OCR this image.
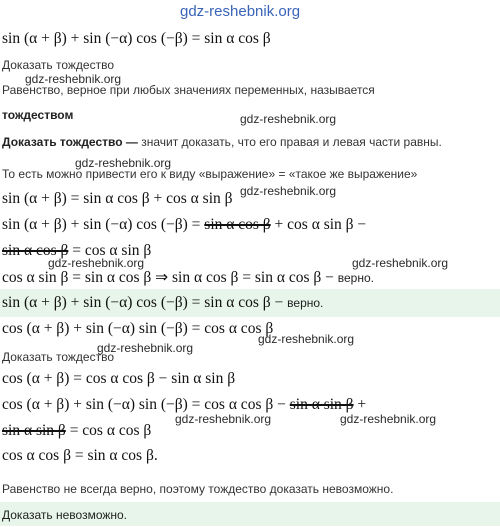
gdz-reshebnik.org
sin (α + β) + sin (−α) cos (−β) = sin α cos β
Доказать тождество
gdz-reshebnik.org
Равенство, верное при любых значениях переменных, называется
тождеством	gdz-reshebnik.org
Доказать тождество — значит доказать, что его правая и левая части равны.
gdz-reshebnik.org
То есть можно привести его к виду «выражение» = «такое же выражение»
gdz-reshebnik.org
sin (α + β) = sin α cos β + cos α sin β
sin (α + β) + sin (−α) cos (−β) = sin α cos β + cos α sin β −
sin α cos β = cos α sin β
gdz-reshebnik.org	gdz-reshebnik.org
cos α sin β = sin α cos β ⇒ sin α cos β = sin α cos β − верно.
sin (α + β) + sin (−α) cos (−β) = sin α cos β − верно.
cos (α + β) + sin (−α) sin (−β) = cos α cos β
gdz-reshebnik.org
gdz-reshebnik.org
Доказать тождество
cos (α + β) = cos α cos β − sin α sin β
cos (α + β) + sin (−α) sin (−β) = cos α cos β − sin α sin β +
gdz-reshebnik.org	gdz-reshebnik.org
sin α sin β = cos α cos β
cos α cos β = sin α cos β.
Равенство не всегда верно, поэтому тождество доказать невозможно.
Доказать невозможно.
